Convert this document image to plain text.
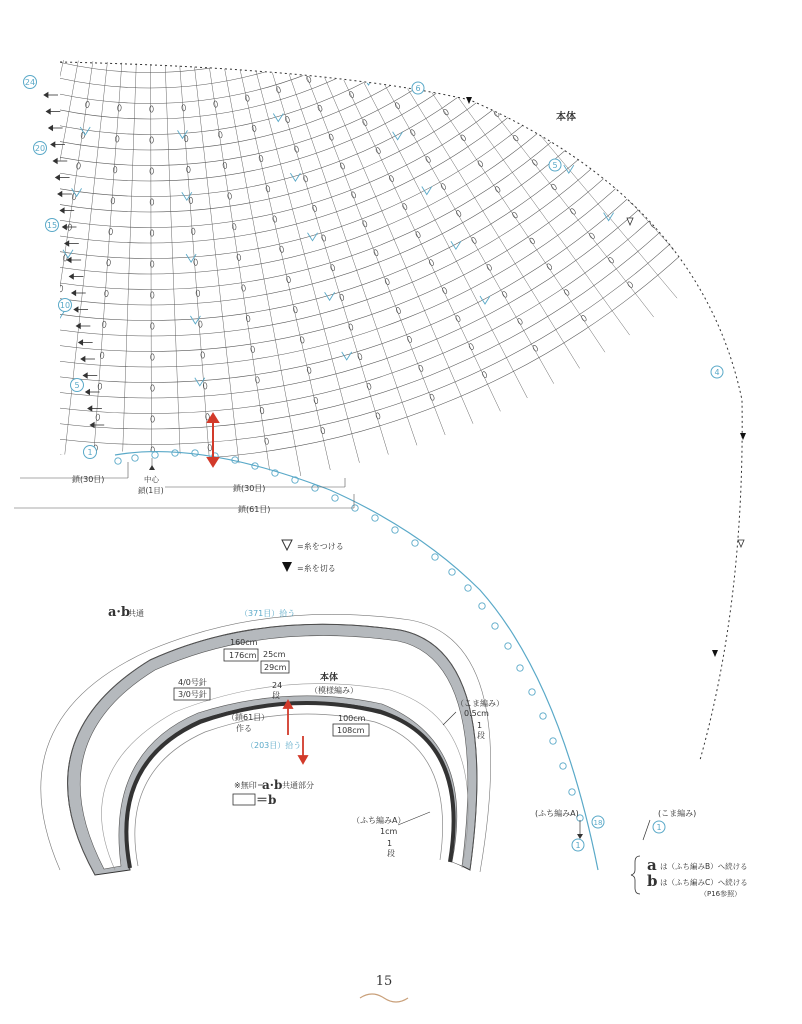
24
20
15
10
5
1
6
5
4
本体
鎖(30目)	中心
鎖(1目)	鎖(30目)
鎖(61目)
18
(ふち編みA)
1
(こま編み)
1
=糸をつける
=糸を切る
a は（ふち編みB）へ続ける
b は（ふち編みC）へ続ける
（P16参照）
a·b
共通	（371目）拾う
160cm
176cm 25cm
29cm
4/0号針
3/0号針
24
段
本体
（模様編み）
（鎖61目）
作る
100cm
108cm
（203目）拾う
（こま編み）
0.5cm
1
段
※無印＝
a·b 共通部分
＝b
（ふち編みA）
1cm
1
段
15
